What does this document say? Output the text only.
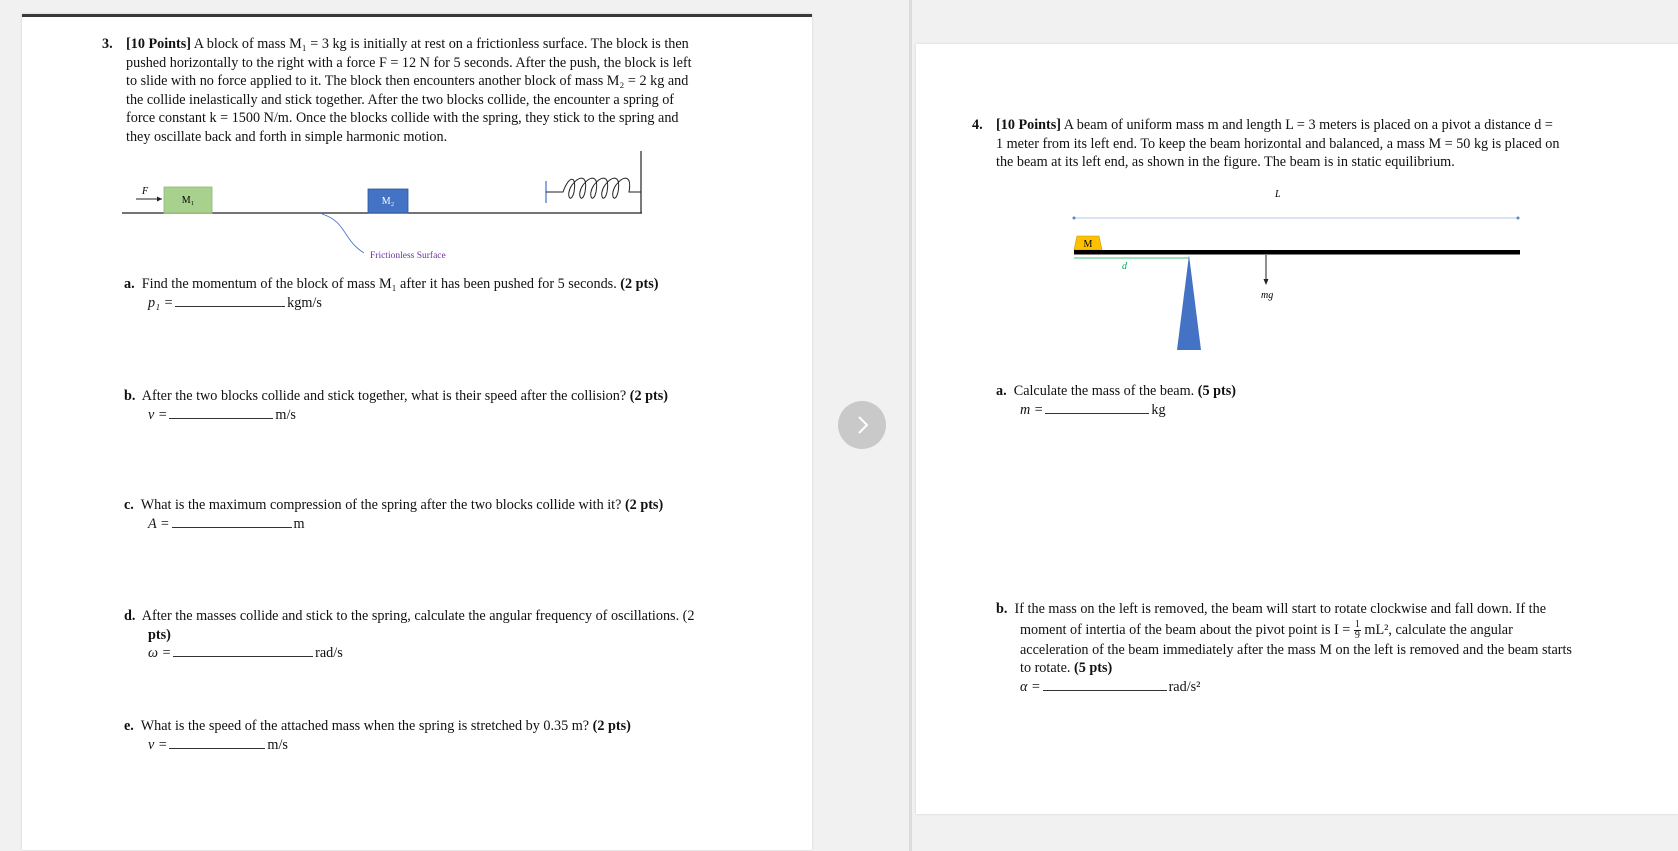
3. [10 Points] A block of mass M₁ = 3 kg is initially at rest on a frictionless surface. The block is then
pushed horizontally to the right with a force F = 12 N for 5 seconds. After the push, the block is left
to slide with no force applied to it. The block then encounters another block of mass M₂ = 2 kg and
the collide inelastically and stick together. After the two blocks collide, the encounter a spring of
force constant k = 1500 N/m. Once the blocks collide with the spring, they stick to the spring and
they oscillate back and forth in simple harmonic motion.
F
M₁	M₂
Frictionless Surface
a. Find the momentum of the block of mass M₁ after it has been pushed for 5 seconds. (2 pts)
p₁ =	kgm/s
b. After the two blocks collide and stick together, what is their speed after the collision? (2 pts)
v =	m/s
c. What is the maximum compression of the spring after the two blocks collide with it? (2 pts)
A =	m
d. After the masses collide and stick to the spring, calculate the angular frequency of oscillations. (2
pts)
ω =	rad/s
e. What is the speed of the attached mass when the spring is stretched by 0.35 m? (2 pts)
v =	m/s
4. [10 Points] A beam of uniform mass m and length L = 3 meters is placed on a pivot a distance d =
1 meter from its left end. To keep the beam horizontal and balanced, a mass M = 50 kg is placed on
the beam at its left end, as shown in the figure. The beam is in static equilibrium.
L
M
d
mg
a. Calculate the mass of the beam. (5 pts)
m =	kg
b. If the mass on the left is removed, the beam will start to rotate clockwise and fall down. If the
moment of intertia of the beam about the pivot point is $I = \frac{1}{9} mL^2$, calculate the angular
acceleration of the beam immediately after the mass M on the left is removed and the beam starts
to rotate. (5 pts)
α =	rad/s²
